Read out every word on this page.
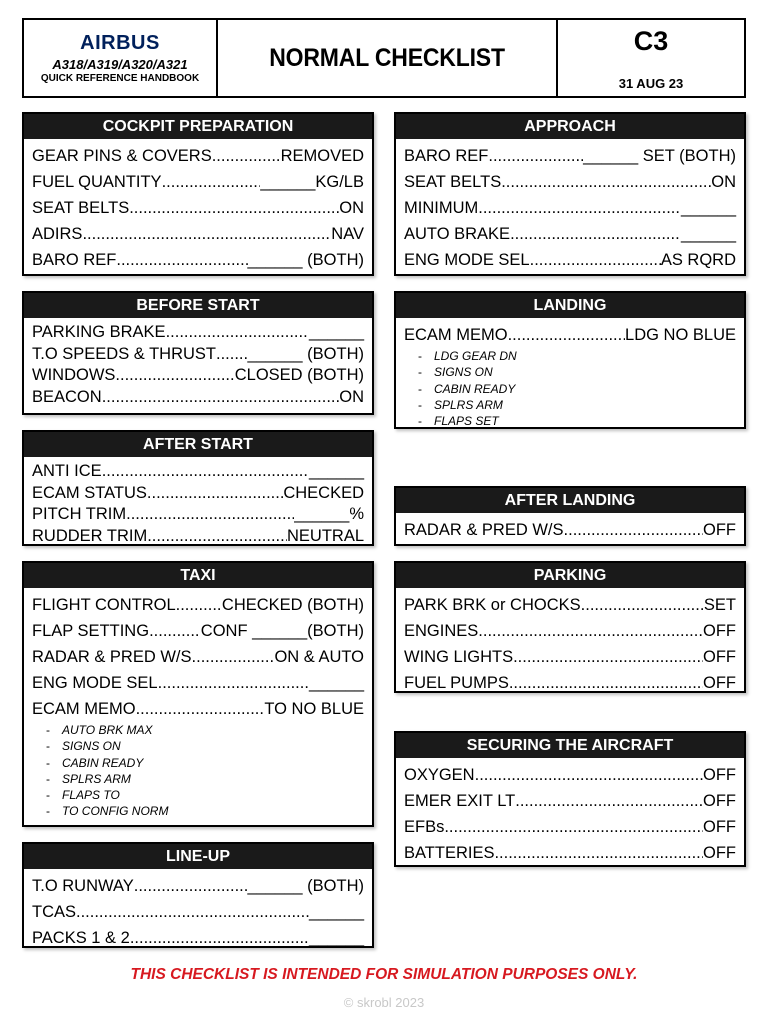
AIRBUS
A318/A319/A320/A321
QUICK REFERENCE HANDBOOK
NORMAL CHECKLIST
C3
31 AUG 23
COCKPIT PREPARATION
GEAR PINS & COVERS .....	REMOVED
FUEL QUANTITY .....	______KG/LB
SEAT BELTS .....	ON
ADIRS .....	NAV
BARO REF .....	______ (BOTH)
BEFORE START
PARKING BRAKE .....	______
T.O SPEEDS & THRUST ..... ______ (BOTH)
WINDOWS .....	CLOSED (BOTH)
BEACON .....	ON
AFTER START
ANTI ICE .....	______
ECAM STATUS .....	CHECKED
PITCH TRIM .....	______%
RUDDER TRIM .....	NEUTRAL
TAXI
FLIGHT CONTROL .....	CHECKED (BOTH)
FLAP SETTING .....	CONF ______(BOTH)
RADAR & PRED W/S .....	ON & AUTO
ENG MODE SEL .....	______
ECAM MEMO .....	TO NO BLUE
- AUTO BRK MAX
- SIGNS ON
- CABIN READY
- SPLRS ARM
- FLAPS TO
- TO CONFIG NORM
LINE-UP
T.O RUNWAY .....	______ (BOTH)
TCAS .....	______
PACKS 1 & 2 .....	______
APPROACH
BARO REF .....	______ SET (BOTH)
SEAT BELTS .....	ON
MINIMUM .....	______
AUTO BRAKE .....	______
ENG MODE SEL .....	AS RQRD
LANDING
ECAM MEMO .....	LDG NO BLUE
- LDG GEAR DN
- SIGNS ON
- CABIN READY
- SPLRS ARM
- FLAPS SET
AFTER LANDING
RADAR & PRED W/S .....	OFF
PARKING
PARK BRK or CHOCKS .....	SET
ENGINES .....	OFF
WING LIGHTS .....	OFF
FUEL PUMPS .....	OFF
SECURING THE AIRCRAFT
OXYGEN .....	OFF
EMER EXIT LT .....	OFF
EFBs .....	OFF
BATTERIES .....	OFF
THIS CHECKLIST IS INTENDED FOR SIMULATION PURPOSES ONLY.
© skrobl 2023
